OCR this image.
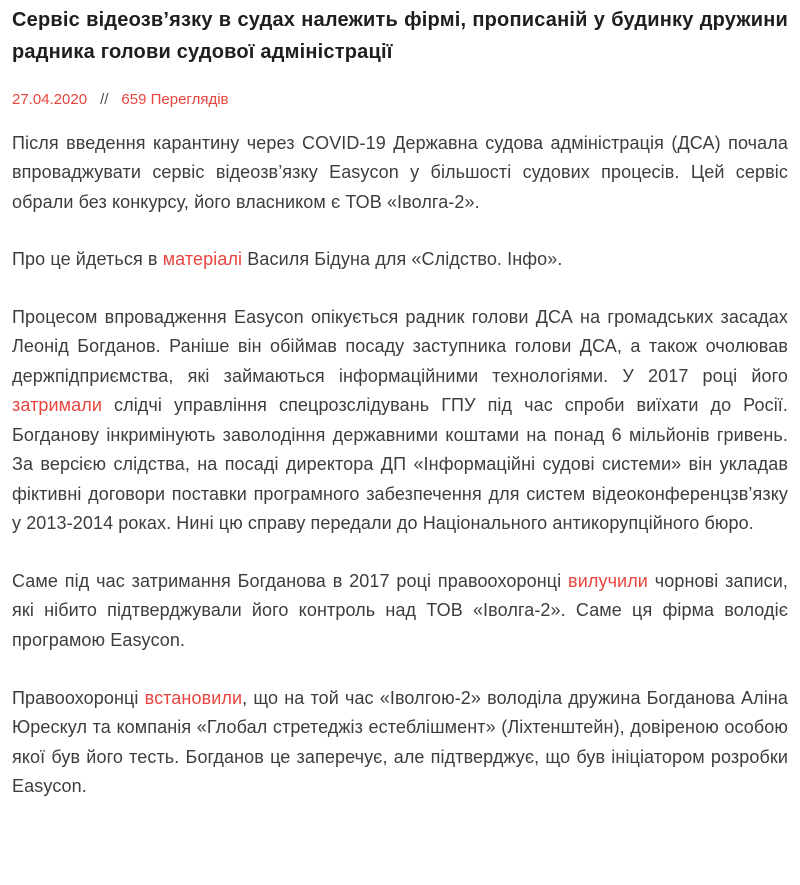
Сервіс відеозв’язку в судах належить фірмі, прописаній у будинку дружини радника голови судової адміністрації
27.04.2020 // 659 Переглядів

Після введення карантину через COVID-19 Державна судова адміністрація (ДСА) почала впроваджувати сервіс відеозв’язку Easycon у більшості судових процесів. Цей сервіс обрали без конкурсу, його власником є ТОВ «Іволга-2».

Про це йдеться в матеріалі Василя Бідуна для «Слідство. Інфо».

Процесом впровадження Easycon опікується радник голови ДСА на громадських засадах Леонід Богданов. Раніше він обіймав посаду заступника голови ДСА, а також очолював держпідприємства, які займаються інформаційними технологіями. У 2017 році його затримали слідчі управління спецрозслідувань ГПУ під час спроби виїхати до Росії. Богданову інкримінують заволодіння державними коштами на понад 6 мільйонів гривень. За версією слідства, на посаді директора ДП «Інформаційні судові системи» він укладав фіктивні договори поставки програмного забезпечення для систем відеоконференцзв’язку у 2013-2014 роках. Нині цю справу передали до Національного антикорупційного бюро.

Саме під час затримання Богданова в 2017 році правоохоронці вилучили чорнові записи, які нібито підтверджували його контроль над ТОВ «Іволга-2». Саме ця фірма володіє програмою Easycon.

Правоохоронці встановили, що на той час «Іволгою-2» володіла дружина Богданова Аліна Юрескул та компанія «Глобал стретеджіз естеблішмент» (Ліхтенштейн), довіреною особою якої був його тесть. Богданов це заперечує, але підтверджує, що був ініціатором розробки Easycon.
